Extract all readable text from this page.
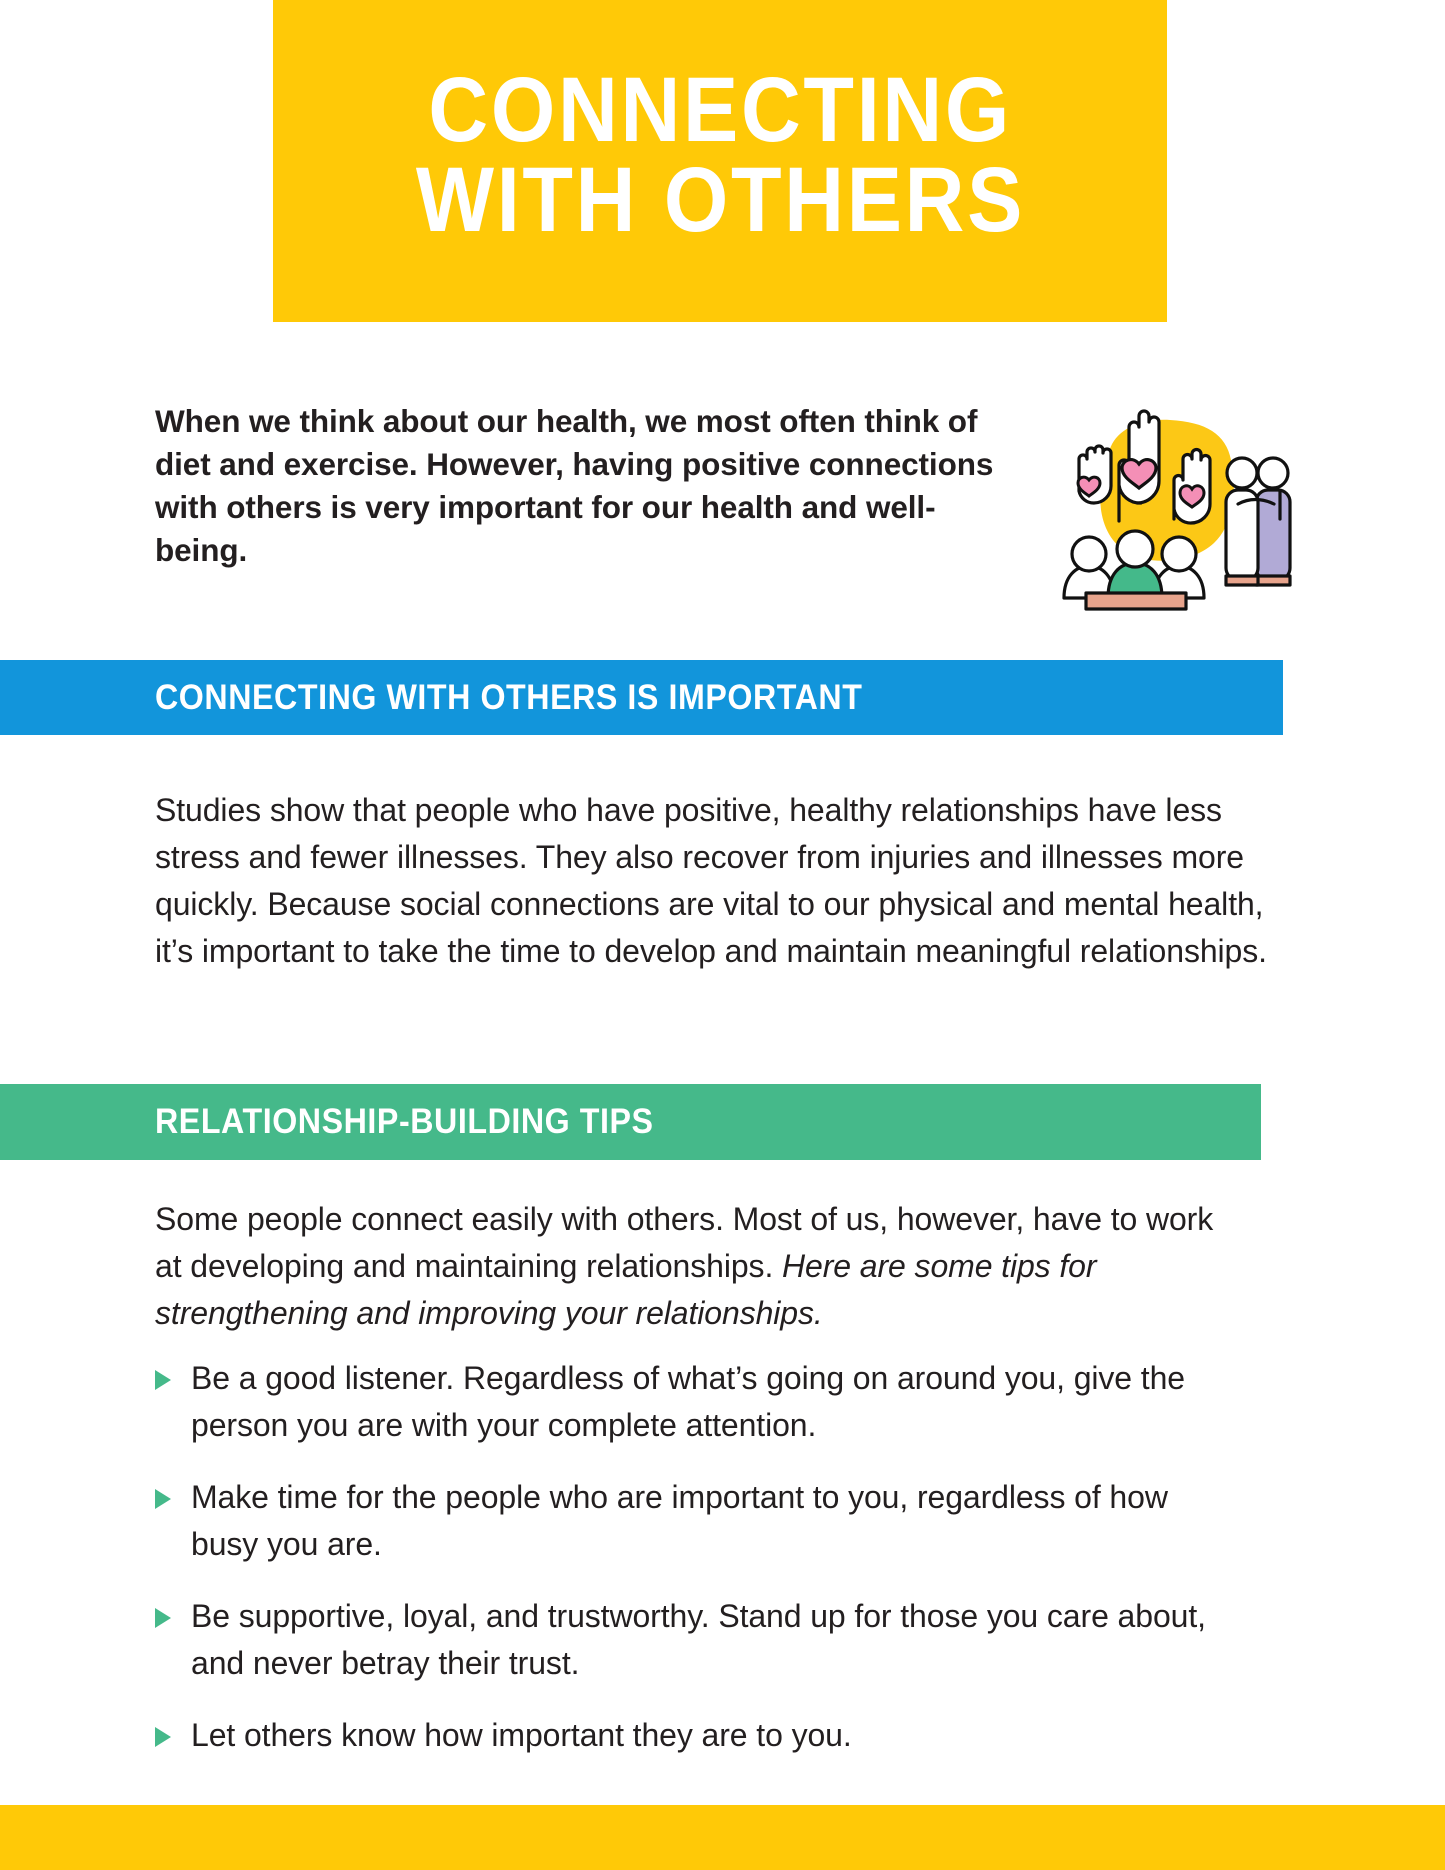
CONNECTING
WITH OTHERS
When we think about our health, we most often think of diet and exercise. However, having positive connections with others is very important for our health and well-being.
CONNECTING WITH OTHERS IS IMPORTANT
Studies show that people who have positive, healthy relationships have less stress and fewer illnesses. They also recover from injuries and illnesses more quickly. Because social connections are vital to our physical and mental health, it’s important to take the time to develop and maintain meaningful relationships.
RELATIONSHIP-BUILDING TIPS
Some people connect easily with others. Most of us, however, have to work at developing and maintaining relationships. Here are some tips for strengthening and improving your relationships.
Be a good listener. Regardless of what’s going on around you, give the person you are with your complete attention.
Make time for the people who are important to you, regardless of how busy you are.
Be supportive, loyal, and trustworthy. Stand up for those you care about, and never betray their trust.
Let others know how important they are to you.
